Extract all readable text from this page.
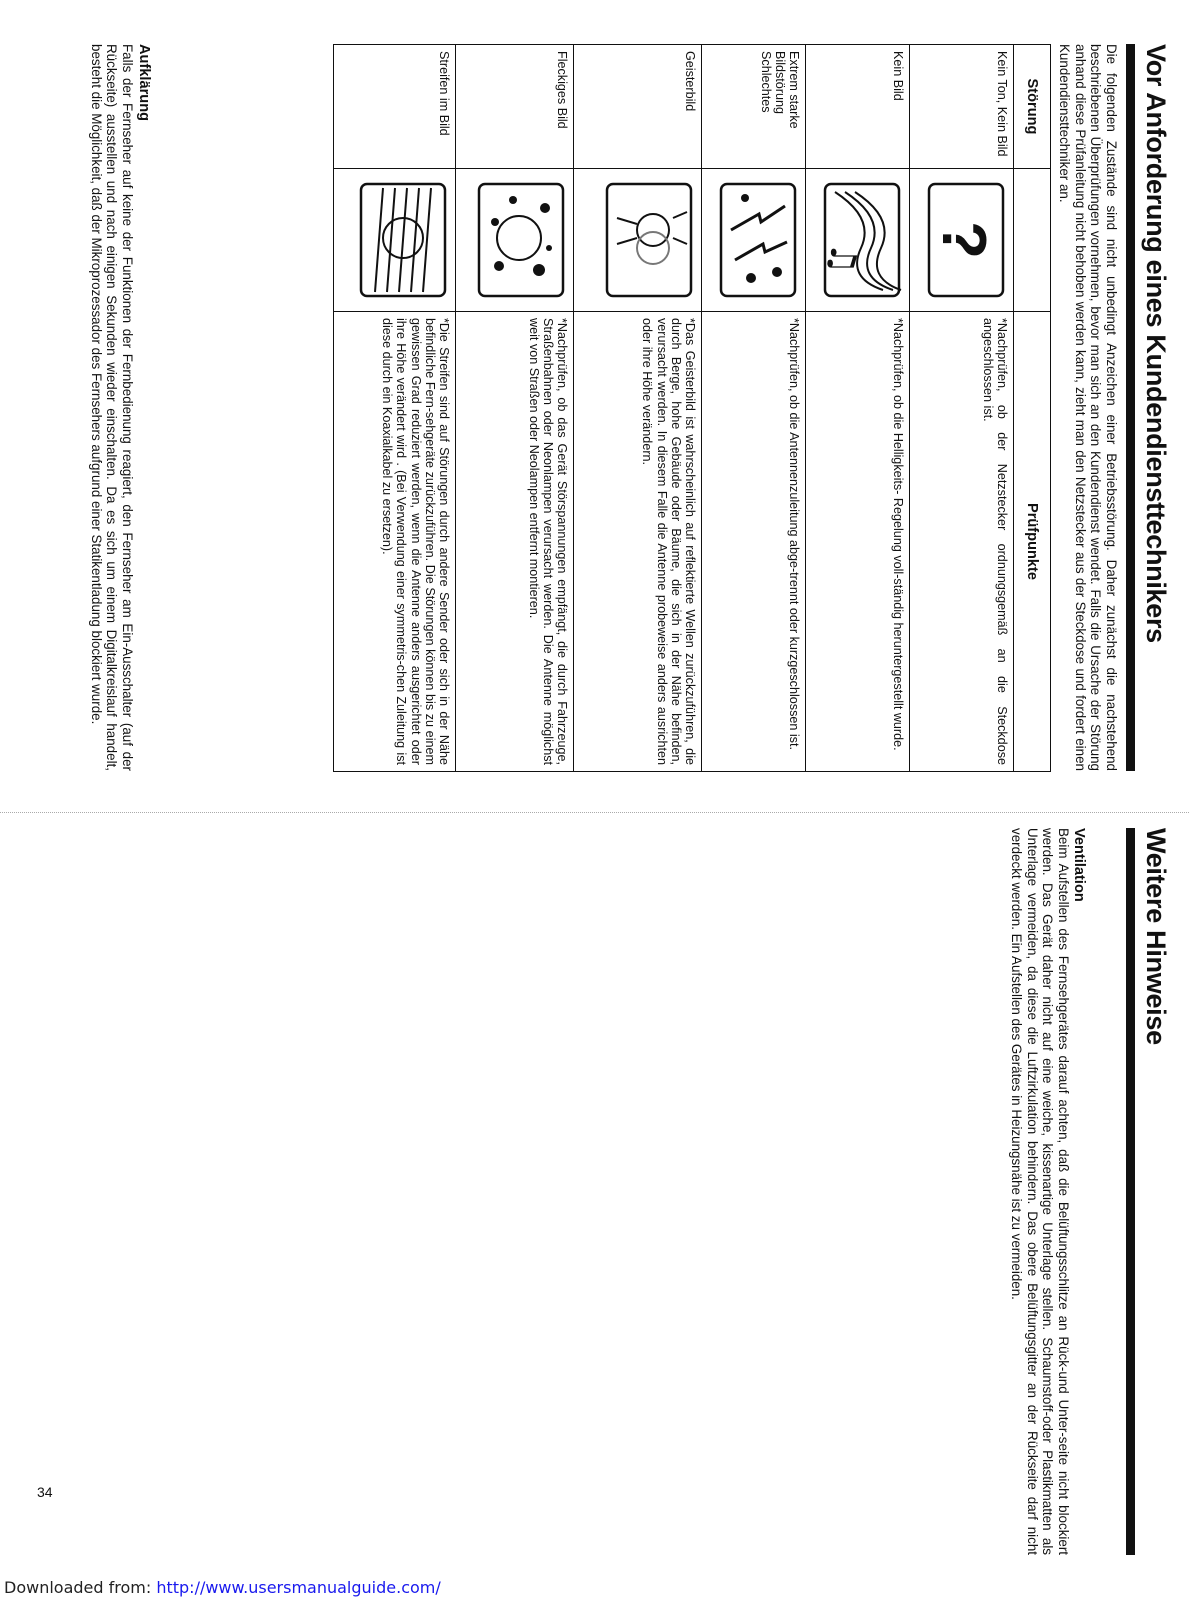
Vor Anforderung eines Kundendiensttechnikers
Die folgenden Zustände sind nicht unbedingt Anzeichen einer Betriebsstörung. Daher zunächst die nachstehend beschriebenen Überprüfungen vornehmen, bevor man sich an den Kundendienst wendet. Falls die Ursache der Störung anhand diese Prüfanleitung nicht behoben werden kann, zieht man den Netzstecker aus der Steckdose und fordert einen Kundendiensttechniker an.
Störung		Prüfpunkte
Kein Ton, Kein Bild	?	*Nachprüfen, ob der Netzstecker ordnungsgemäß an die Steckdose angeschlossen ist.
Kein Bild	♫	*Nachprüfen, ob die Helligkeits- Regelung voll-ständig heruntergestellt wurde.
Extrem starke Bildstörung Schlechtes		*Nachprüfen, ob die Antennenzuleitung abge-trennt oder kurzgeschlossen ist.
Geisterbild		*Das Geisterbild ist wahrscheinlich auf reflektierte Wellen zurückzuführen, die durch Berge, hohe Gebäude oder Bäume, die sich in der Nähe befinden, verursacht werden. In diesem Falle die Antenne probeweise anders ausrichten oder ihre Höhe verändern.
Fleckiges Bild		*Nachprüfen, ob das Gerät Störspannungen empfängt, die durch Fahrzeuge, Straßenbahnen oder Neonlampen verursacht werden. Die Antenne möglichst weit von Straßen oder Neolampen entfernt montieren.
Streifen im Bild		*Die Streifen sind auf Störungen durch andere Sender oder sich in der Nähe befindliche Fern-sehgeräte zurückzuführen. Die Störungen können bis zu einem gewissen Grad reduziert werden, wenn die Antenne anders ausgerichtet oder ihre Höhe verändert wird . (Bei Verwendung einer symmetris-chen Zuleitung ist diese durch ein Koaxialkabel zu ersetzen).
Aufklärung
Falls der Fernseher auf keine der Funktionen der Fernbedienung reagiert, den Fernseher am Ein-Ausschalter (auf der Rückseite) ausstellen und nach einigen Sekunden wieder einschalten. Da es sich um einem Digitalkreislauf handelt, besteht die Möglichkeit, daß der Mikroprozessador des Fernsehers aufgrund einer Statikentladung blockiert wurde.
Weitere Hinweise
Ventilation
Beim Aufstellen des Fernsehgerätes darauf achten, daß die Belüftungsschlitze an Rück-und Unter-seite nicht blockiert werden. Das Gerät daher nicht auf eine weiche, kissenartige Unterlage stellen. Schaumstoff-oder Plastikmatten als Unterlage vermeiden, da diese die Luftzirkulation behindern. Das obere Belüftungsgitter an der Rückseite darf nicht verdeckt werden. Ein Aufstellen des Gerätes in Heizungsnähe ist zu vermeiden.
34
Downloaded from: http://www.usersmanualguide.com/
